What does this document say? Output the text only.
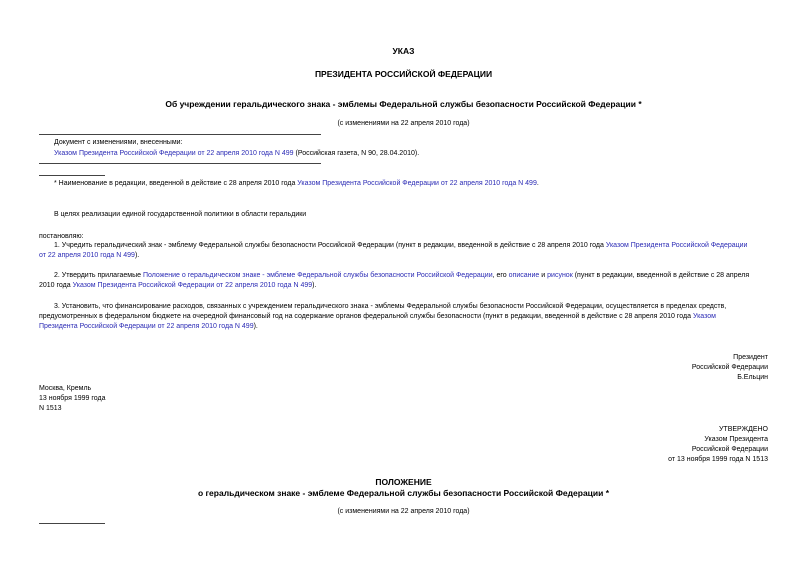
УКАЗ
ПРЕЗИДЕНТА РОССИЙСКОЙ ФЕДЕРАЦИИ
Об учреждении геральдического знака - эмблемы Федеральной службы безопасности Российской Федерации *
(с изменениями на 22 апреля 2010 года)
Документ с изменениями, внесенными:
Указом Президента Российской Федерации от 22 апреля 2010 года N 499 (Российская газета, N 90, 28.04.2010).
* Наименование в редакции, введенной в действие с 28 апреля 2010 года Указом Президента Российской Федерации от 22 апреля 2010 года N 499.
В целях реализации единой государственной политики в области геральдики
постановляю:
1. Учредить геральдический знак - эмблему Федеральной службы безопасности Российской Федерации (пункт в редакции, введенной в действие с 28 апреля 2010 года Указом Президента Российской Федерации
от 22 апреля 2010 года N 499).
2. Утвердить прилагаемые Положение о геральдическом знаке - эмблеме Федеральной службы безопасности Российской Федерации, его описание и рисунок (пункт в редакции, введенной в действие с 28 апреля
2010 года Указом Президента Российской Федерации от 22 апреля 2010 года N 499).
3. Установить, что финансирование расходов, связанных с учреждением геральдического знака - эмблемы Федеральной службы безопасности Российской Федерации, осуществляется в пределах средств,
предусмотренных в федеральном бюджете на очередной финансовый год на содержание органов федеральной службы безопасности (пункт в редакции, введенной в действие с 28 апреля 2010 года Указом
Президента Российской Федерации от 22 апреля 2010 года N 499).
Президент
Российской Федерации
Б.Ельцин
Москва, Кремль
13 ноября 1999 года
N 1513
УТВЕРЖДЕНО
Указом Президента
Российской Федерации
от 13 ноября 1999 года N 1513
ПОЛОЖЕНИЕ
о геральдическом знаке - эмблеме Федеральной службы безопасности Российской Федерации *
(с изменениями на 22 апреля 2010 года)
